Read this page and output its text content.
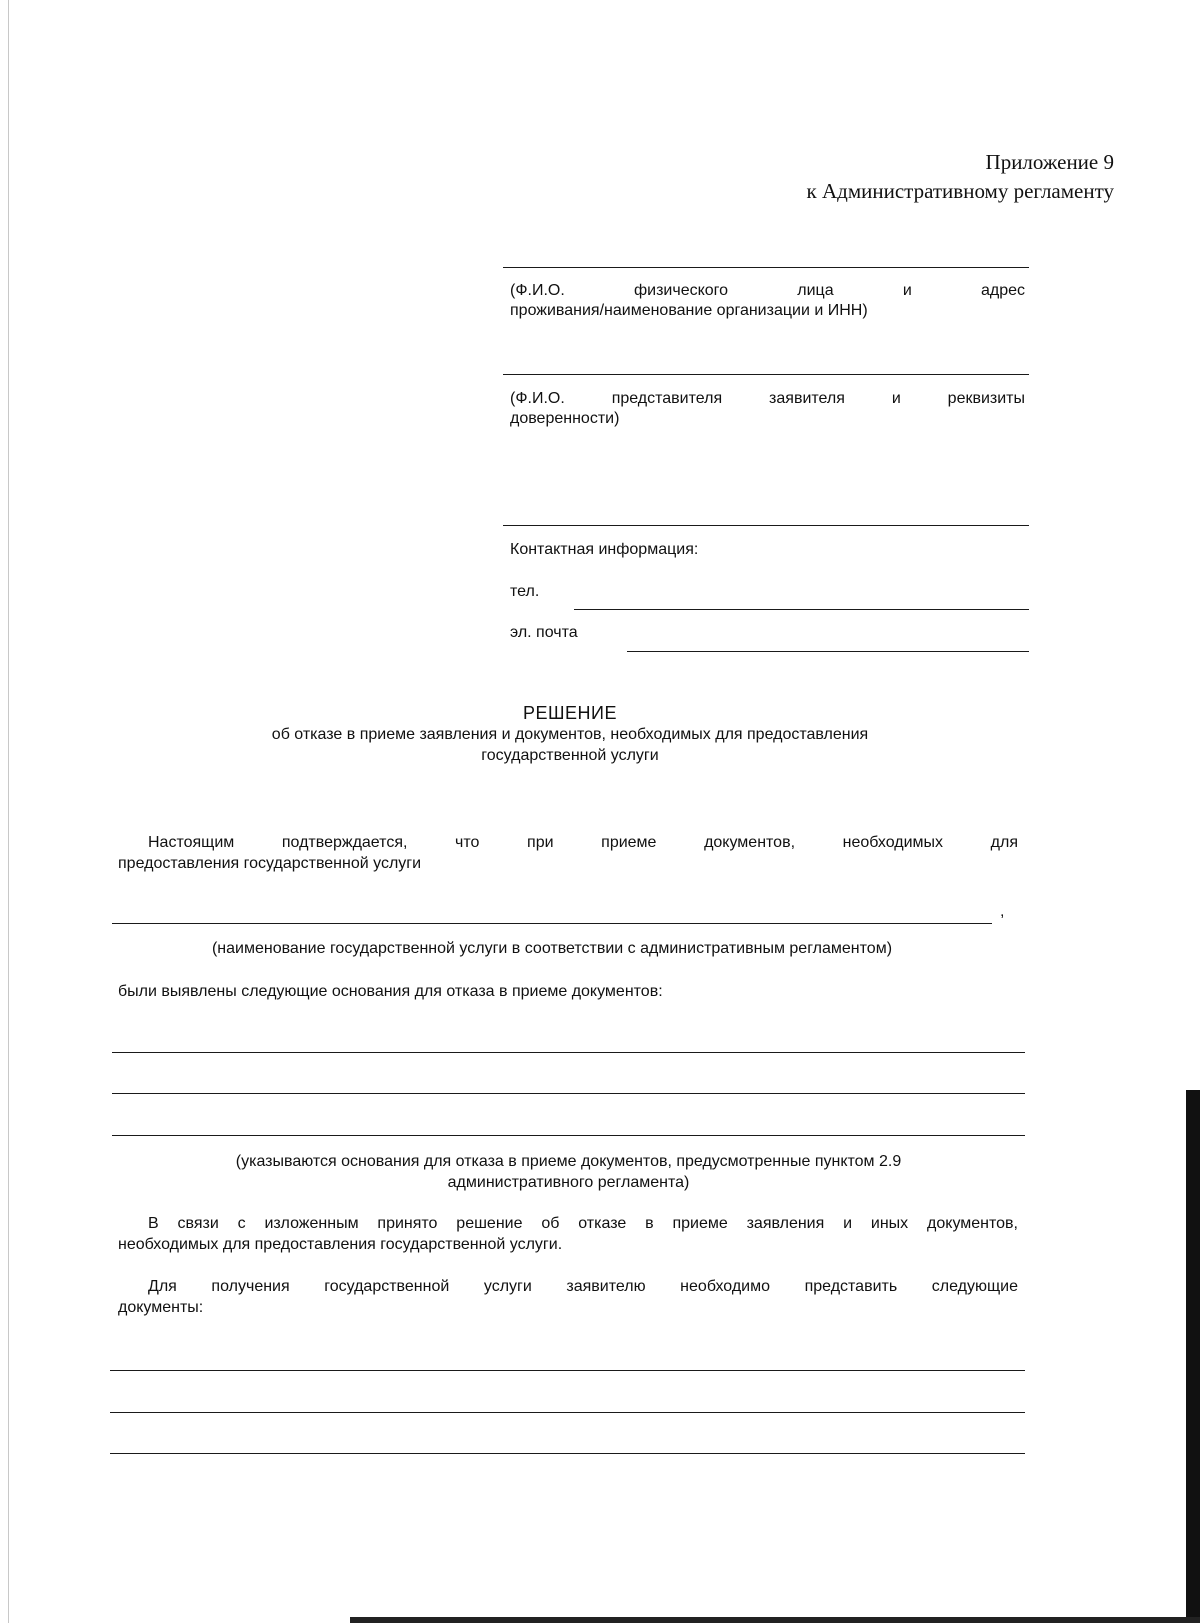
Приложение 9
к Административному регламенту
(Ф.И.О. физического лица и адрес
проживания/наименование организации и ИНН)
(Ф.И.О. представителя заявителя и реквизиты
доверенности)
Контактная информация:
тел.
эл. почта
РЕШЕНИЕ
об отказе в приеме заявления и документов, необходимых для предоставления
государственной услуги
Настоящим подтверждается, что при приеме документов, необходимых для
предоставления государственной услуги
,
(наименование государственной услуги в соответствии с административным регламентом)
были выявлены следующие основания для отказа в приеме документов:
(указываются основания для отказа в приеме документов, предусмотренные пунктом 2.9
административного регламента)
В связи с изложенным принято решение об отказе в приеме заявления и иных документов,
необходимых для предоставления государственной услуги.
Для получения государственной услуги заявителю необходимо представить следующие
документы:
